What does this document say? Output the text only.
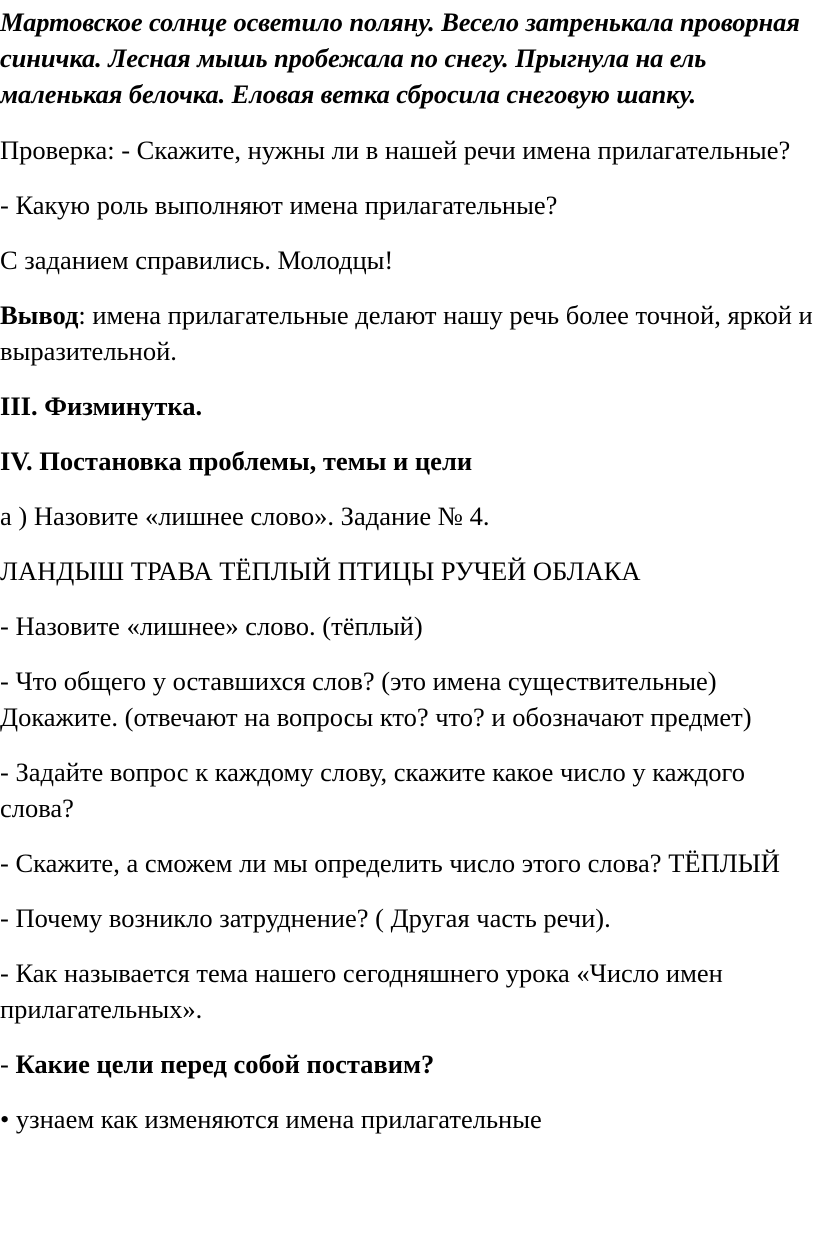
Мартовское солнце осветило поляну. Весело затренькала проворная синичка. Лесная мышь пробежала по снегу. Прыгнула на ель маленькая белочка. Еловая ветка сбросила снеговую шапку.

Проверка: - Скажите, нужны ли в нашей речи имена прилагательные?

- Какую роль выполняют имена прилагательные?

С заданием справились. Молодцы!

Вывод: имена прилагательные делают нашу речь более точной, яркой и выразительной.

III. Физминутка.

IV. Постановка проблемы, темы и цели

а ) Назовите «лишнее слово». Задание № 4.

ЛАНДЫШ ТРАВА ТЁПЛЫЙ ПТИЦЫ РУЧЕЙ ОБЛАКА

- Назовите «лишнее» слово. (тёплый)

- Что общего у оставшихся слов? (это имена существительные) Докажите. (отвечают на вопросы кто? что? и обозначают предмет)

- Задайте вопрос к каждому слову, скажите какое число у каждого слова?

- Скажите, а сможем ли мы определить число этого слова? ТЁПЛЫЙ

- Почему возникло затруднение? ( Другая часть речи).

- Как называется тема нашего сегодняшнего урока «Число имен прилагательных».

- Какие цели перед собой поставим?

• узнаем как изменяются имена прилагательные
